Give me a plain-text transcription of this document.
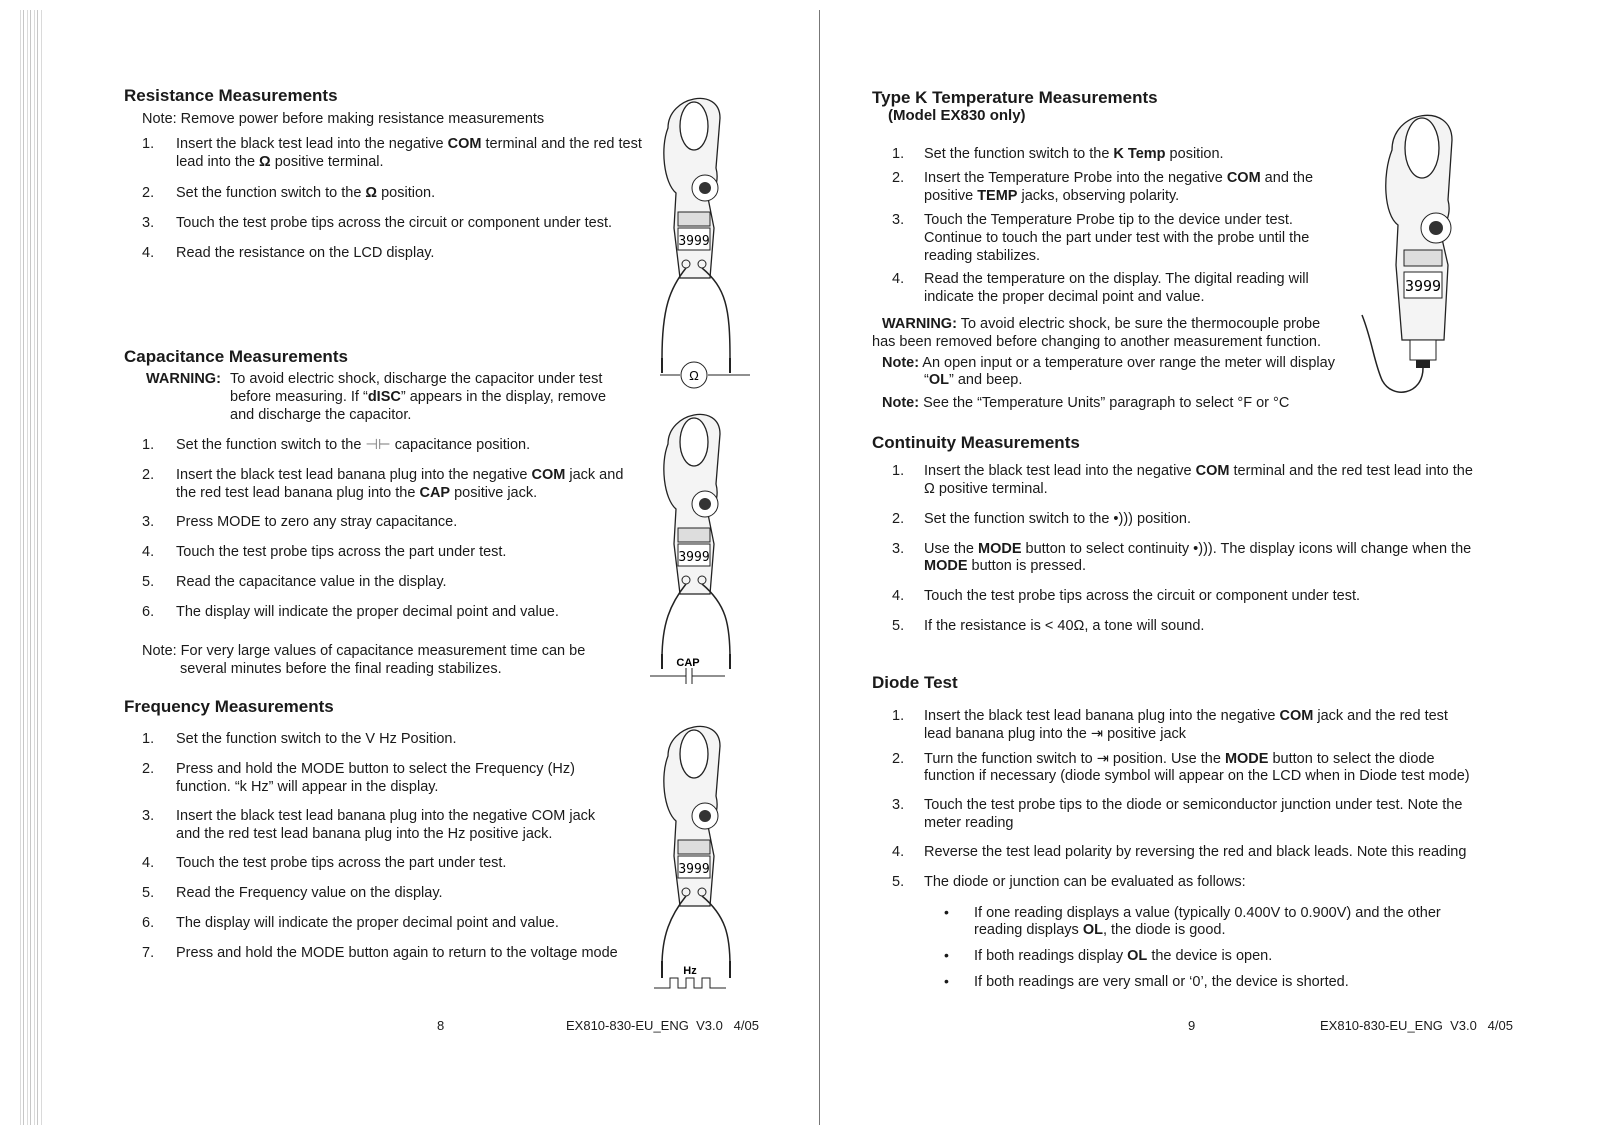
Resistance Measurements
Note: Remove power before making resistance measurements
1. Insert the black test lead into the negative COM terminal and the red test lead into the Ω positive terminal.
2. Set the function switch to the Ω position.
3. Touch the test probe tips across the circuit or component under test.
4. Read the resistance on the LCD display.
3999
Ω
Capacitance Measurements
WARNING: To avoid electric shock, discharge the capacitor under test
before measuring. If “dISC” appears in the display, remove
and discharge the capacitor.
1. Set the function switch to the ⊣⊢ capacitance position.
2. Insert the black test lead banana plug into the negative COM jack and the red test lead banana plug into the CAP positive jack.
3. Press MODE to zero any stray capacitance.
4. Touch the test probe tips across the part under test.
5. Read the capacitance value in the display.
6. The display will indicate the proper decimal point and value.
Note: For very large values of capacitance measurement time can be
several minutes before the final reading stabilizes.
3999
CAP
Frequency Measurements
1. Set the function switch to the V Hz Position.
2. Press and hold the MODE button to select the Frequency (Hz)
function. “k Hz” will appear in the display.
3. Insert the black test lead banana plug into the negative COM jack
and the red test lead banana plug into the Hz positive jack.
4. Touch the test probe tips across the part under test.
5. Read the Frequency value on the display.
6. The display will indicate the proper decimal point and value.
7. Press and hold the MODE button again to return to the voltage mode
3999
Hz
8	EX810-830-EU_ENG  V3.0   4/05
Type K Temperature Measurements
(Model EX830 only)
1. Set the function switch to the K Temp position.
2. Insert the Temperature Probe into the negative COM and the
positive TEMP jacks, observing polarity.
3. Touch the Temperature Probe tip to the device under test.
Continue to touch the part under test with the probe until the
reading stabilizes.
4. Read the temperature on the display. The digital reading will
indicate the proper decimal point and value.
WARNING: To avoid electric shock, be sure the thermocouple probe
has been removed before changing to another measurement function.
Note: An open input or a temperature over range the meter will display
“OL” and beep.
Note: See the “Temperature Units” paragraph to select °F or °C
3999
Continuity Measurements
1. Insert the black test lead into the negative COM terminal and the red test lead into the
Ω positive terminal.
2. Set the function switch to the •))) position.
3. Use the MODE button to select continuity •))). The display icons will change when the
MODE button is pressed.
4. Touch the test probe tips across the circuit or component under test.
5. If the resistance is < 40Ω, a tone will sound.
Diode Test
1. Insert the black test lead banana plug into the negative COM jack and the red test
lead banana plug into the ⇥ positive jack
2. Turn the function switch to ⇥ position. Use the MODE button to select the diode
function if necessary (diode symbol will appear on the LCD when in Diode test mode)
3. Touch the test probe tips to the diode or semiconductor junction under test. Note the
meter reading
4. Reverse the test lead polarity by reversing the red and black leads. Note this reading
5. The diode or junction can be evaluated as follows:
• If one reading displays a value (typically 0.400V to 0.900V) and the other
reading displays OL, the diode is good.
• If both readings display OL the device is open.
• If both readings are very small or ‘0’, the device is shorted.
9	EX810-830-EU_ENG  V3.0   4/05
